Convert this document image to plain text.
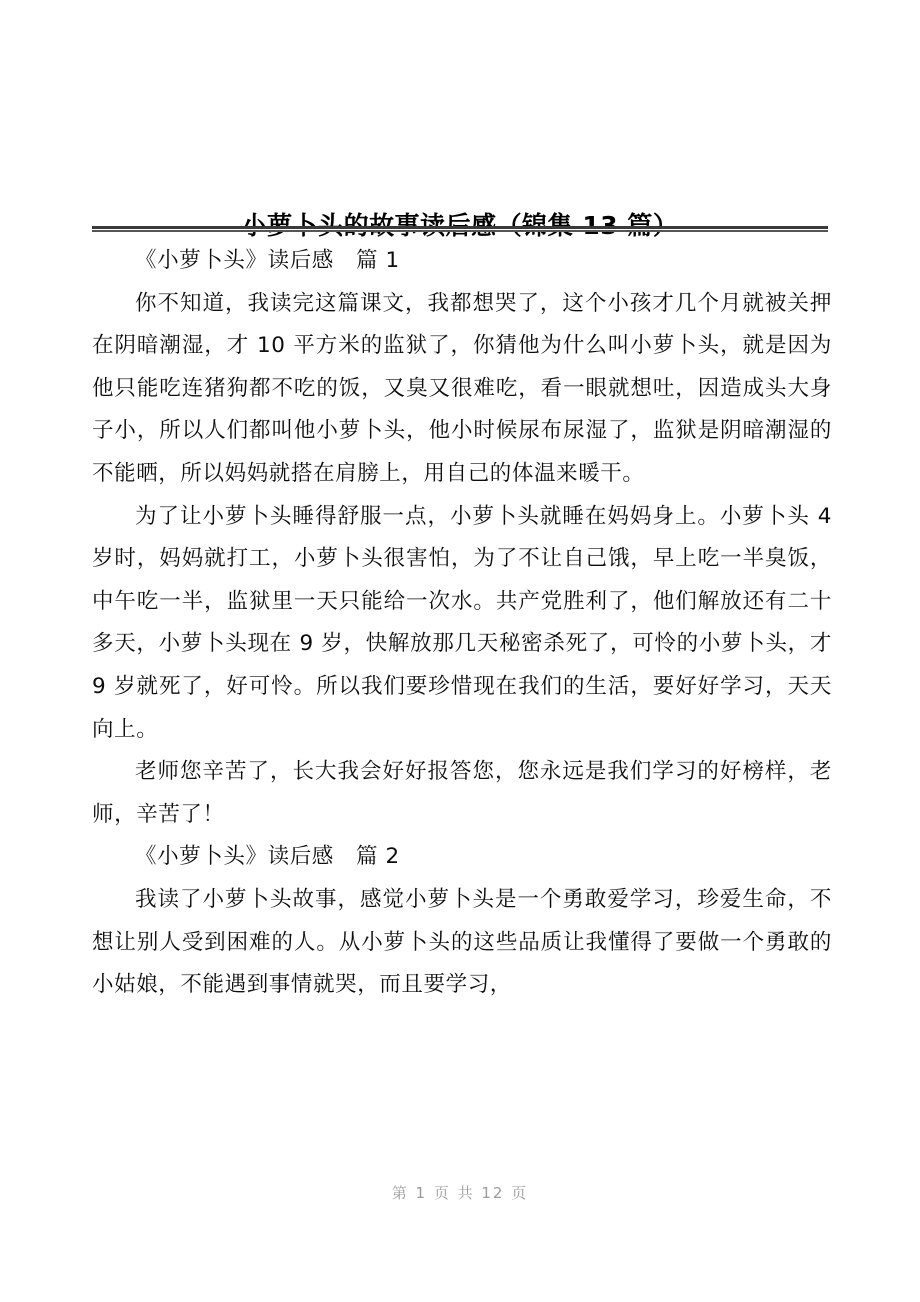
《小萝卜头》读后感　篇 1

你不知道，我读完这篇课文，我都想哭了，这个小孩才几个月就被关押在阴暗潮湿，才 10 平方米的监狱了，你猜他为什么叫小萝卜头，就是因为他只能吃连猪狗都不吃的饭，又臭又很难吃，看一眼就想吐，因造成头大身子小，所以人们都叫他小萝卜头，他小时候尿布尿湿了，监狱是阴暗潮湿的不能晒，所以妈妈就搭在肩膀上，用自己的体温来暖干。

为了让小萝卜头睡得舒服一点，小萝卜头就睡在妈妈身上。小萝卜头 4 岁时，妈妈就打工，小萝卜头很害怕，为了不让自己饿，早上吃一半臭饭，中午吃一半，监狱里一天只能给一次水。共产党胜利了，他们解放还有二十多天，小萝卜头现在 9 岁，快解放那几天秘密杀死了，可怜的小萝卜头，才 9 岁就死了，好可怜。所以我们要珍惜现在我们的生活，要好好学习，天天向上。

老师您辛苦了，长大我会好好报答您，您永远是我们学习的好榜样，老师，辛苦了！

《小萝卜头》读后感　篇 2

我读了小萝卜头故事，感觉小萝卜头是一个勇敢爱学习，珍爱生命，不想让别人受到困难的人。从小萝卜头的这些品质让我懂得了要做一个勇敢的小姑娘，不能遇到事情就哭，而且要学习，

第 1 页 共 12 页
